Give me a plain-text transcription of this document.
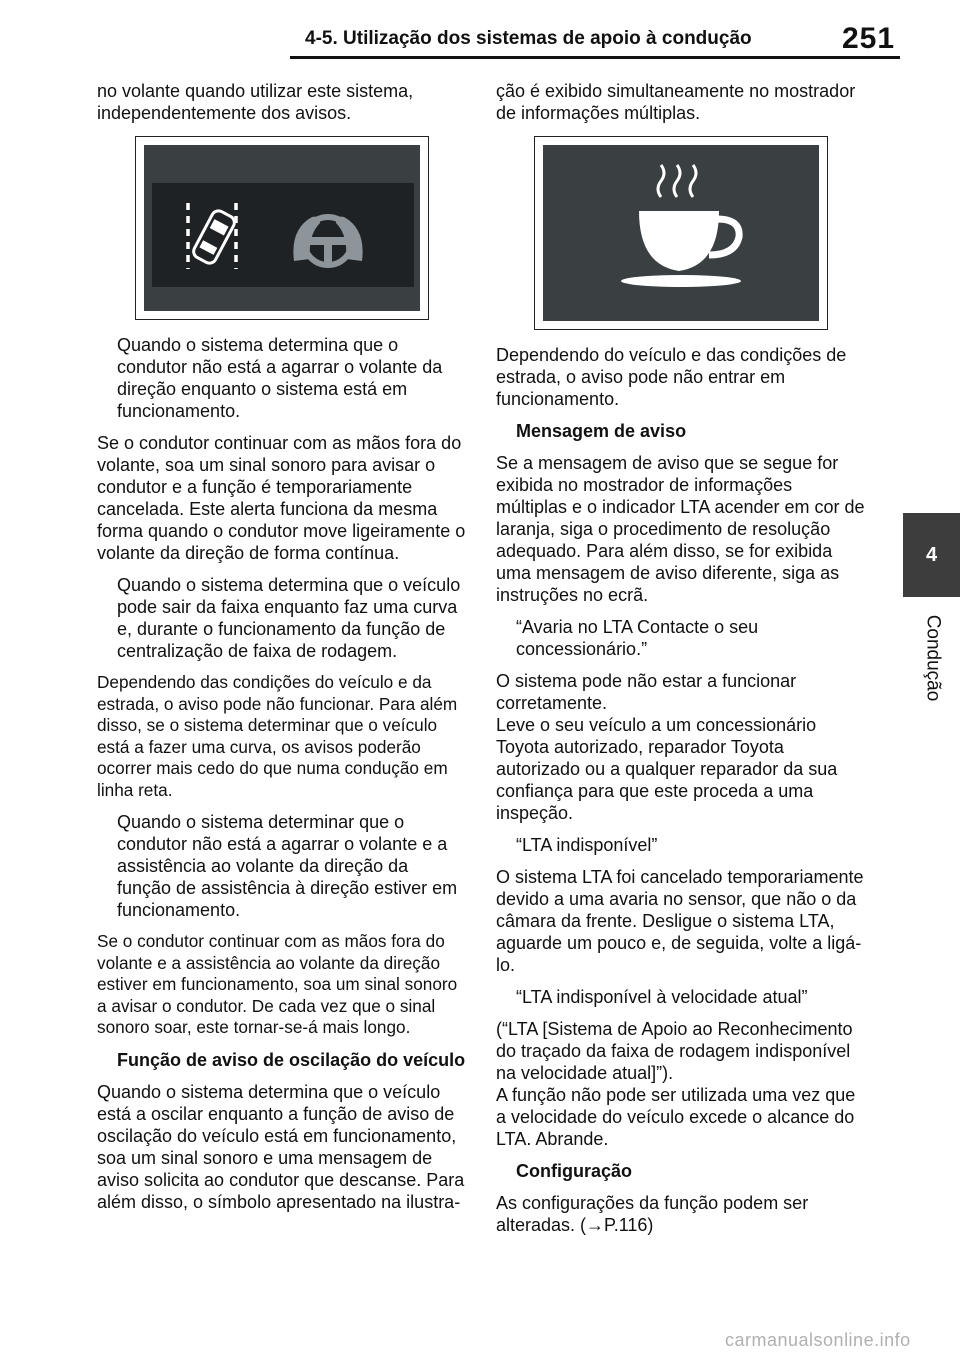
4-5. Utilização dos sistemas de apoio à condução	251
4
Condução

no volante quando utilizar este sistema, independentemente dos avisos.

Quando o sistema determina que o condutor não está a agarrar o volante da direção enquanto o sistema está em funcionamento.

Se o condutor continuar com as mãos fora do volante, soa um sinal sonoro para avisar o condutor e a função é temporariamente cancelada. Este alerta funciona da mesma forma quando o condutor move ligeiramente o volante da direção de forma contínua.

Quando o sistema determina que o veículo pode sair da faixa enquanto faz uma curva e, durante o funcionamento da função de centralização de faixa de rodagem.

Dependendo das condições do veículo e da estrada, o aviso pode não funcionar. Para além disso, se o sistema determinar que o veículo está a fazer uma curva, os avisos poderão ocorrer mais cedo do que numa condução em linha reta.

Quando o sistema determinar que o condutor não está a agarrar o volante e a assistência ao volante da direção da função de assistência à direção estiver em funcionamento.

Se o condutor continuar com as mãos fora do volante e a assistência ao volante da direção estiver em funcionamento, soa um sinal sonoro a avisar o condutor. De cada vez que o sinal sonoro soar, este tornar-se-á mais longo.

Função de aviso de oscilação do veículo

Quando o sistema determina que o veículo está a oscilar enquanto a função de aviso de oscilação do veículo está em funcionamento, soa um sinal sonoro e uma mensagem de aviso solicita ao condutor que descanse. Para além disso, o símbolo apresentado na ilustra-

ção é exibido simultaneamente no mostrador de informações múltiplas.

Dependendo do veículo e das condições de estrada, o aviso pode não entrar em funcionamento.

Mensagem de aviso

Se a mensagem de aviso que se segue for exibida no mostrador de informações múltiplas e o indicador LTA acender em cor de laranja, siga o procedimento de resolução adequado. Para além disso, se for exibida uma mensagem de aviso diferente, siga as instruções no ecrã.

“Avaria no LTA Contacte o seu concessionário.”

O sistema pode não estar a funcionar corretamente.

Leve o seu veículo a um concessionário Toyota autorizado, reparador Toyota autorizado ou a qualquer reparador da sua confiança para que este proceda a uma inspeção.

“LTA indisponível”

O sistema LTA foi cancelado temporariamente devido a uma avaria no sensor, que não o da câmara da frente. Desligue o sistema LTA, aguarde um pouco e, de seguida, volte a ligá-lo.

“LTA indisponível à velocidade atual”

(“LTA [Sistema de Apoio ao Reconhecimento do traçado da faixa de rodagem indisponível na velocidade atual]”).

A função não pode ser utilizada uma vez que a velocidade do veículo excede o alcance do LTA. Abrande.

Configuração

As configurações da função podem ser alteradas. (→P.116)

carmanualsonline.info
